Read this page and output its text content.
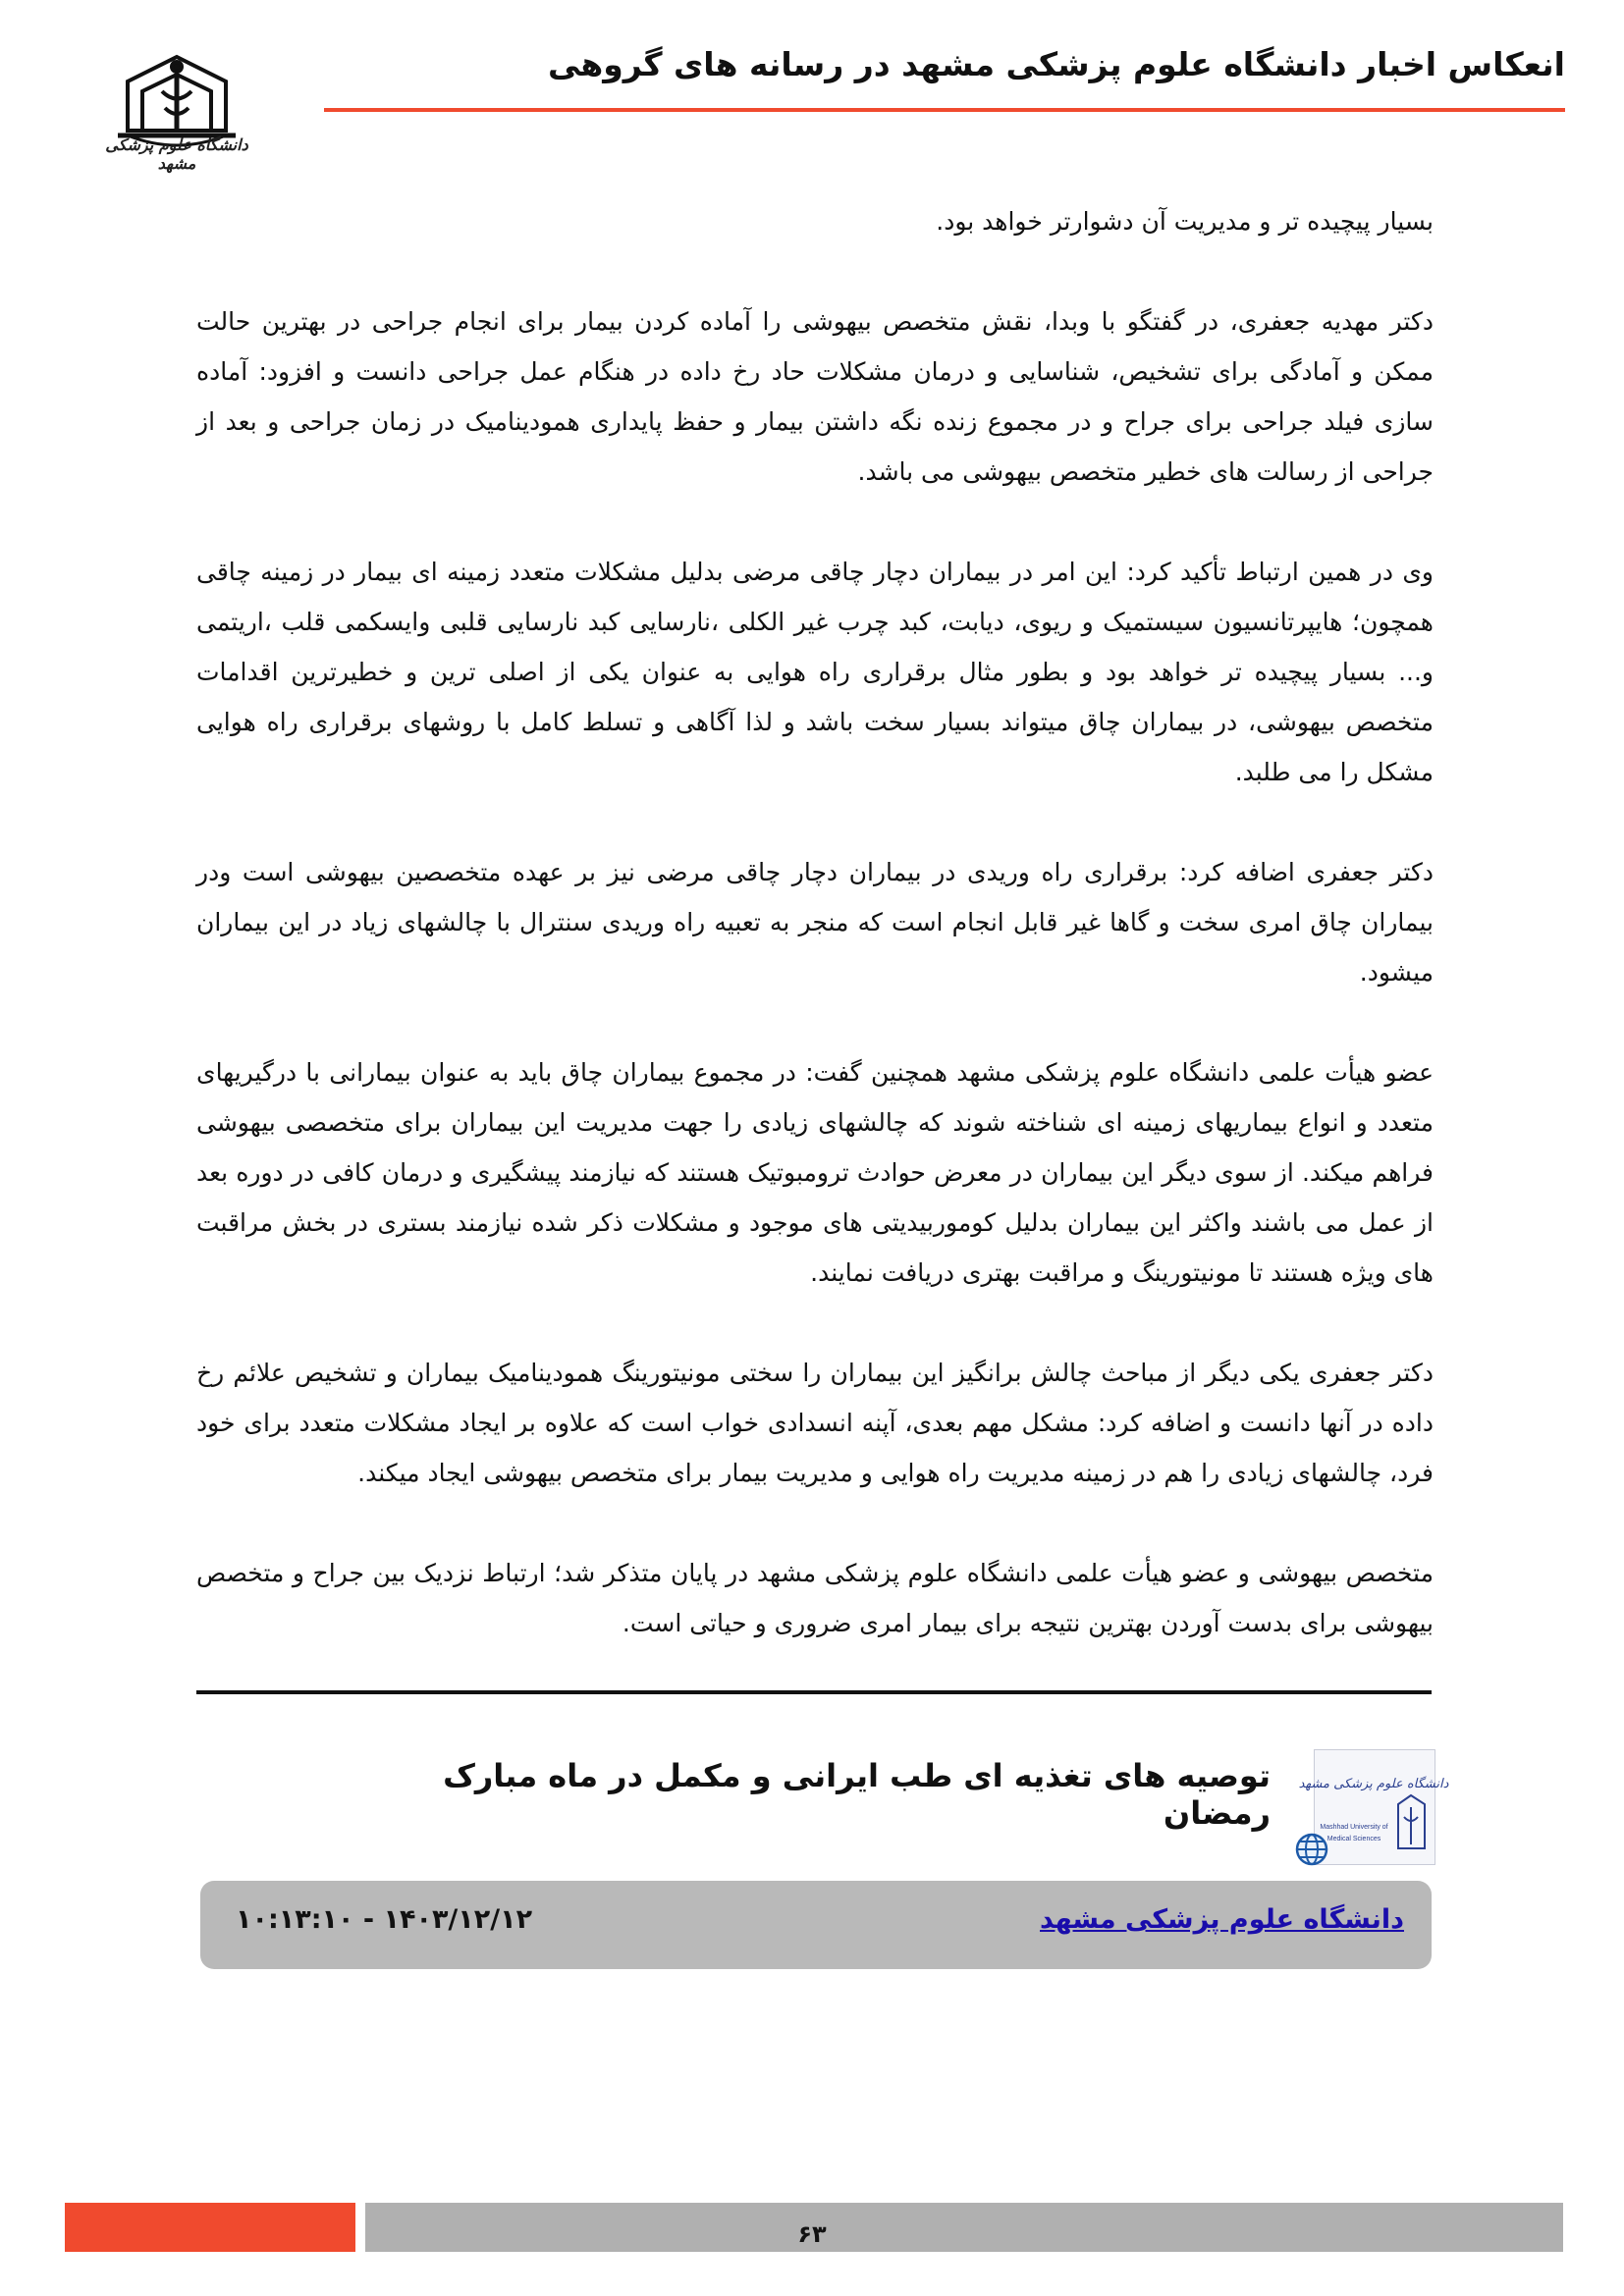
انعکاس اخبار دانشگاه علوم پزشکی مشهد در رسانه های گروهی
دانشگاه علوم پزشکی مشهد

بسیار پیچیده تر و مدیریت آن دشوارتر خواهد بود.

دکتر مهدیه جعفری، در گفتگو با وبدا، نقش متخصص بیهوشی را آماده کردن بیمار برای انجام جراحی در بهترین حالت ممکن و آمادگی برای تشخیص، شناسایی و درمان مشکلات حاد رخ داده در هنگام عمل جراحی دانست و افزود: آماده سازی فیلد جراحی برای جراح و در مجموع زنده نگه داشتن بیمار و حفظ پایداری همودینامیک در زمان جراحی و بعد از جراحی از رسالت های خطیر متخصص بیهوشی می باشد.

وی در همین ارتباط تأکید کرد: این امر در بیماران دچار چاقی مرضی بدلیل مشکلات متعدد زمینه ای بیمار در زمینه چاقی همچون؛ هایپرتانسیون سیستمیک و ریوی، دیابت، کبد چرب غیر الکلی ،نارسایی کبد نارسایی قلبی وایسکمی قلب ،اریتمی و... بسیار پیچیده تر خواهد بود و بطور مثال برقراری راه هوایی به عنوان یکی از اصلی ترین و خطیرترین اقدامات متخصص بیهوشی، در بیماران چاق میتواند بسیار سخت باشد و لذا آگاهی و تسلط کامل با روشهای برقراری راه هوایی مشکل را می طلبد.

دکتر جعفری اضافه کرد: برقراری راه وریدی در بیماران دچار چاقی مرضی نیز بر عهده متخصصین بیهوشی است ودر بیماران چاق امری سخت و گاها غیر قابل انجام است که منجر به تعبیه راه وریدی سنترال با چالشهای زیاد در این بیماران میشود.

عضو هیأت علمی دانشگاه علوم پزشکی مشهد همچنین گفت: در مجموع بیماران چاق باید به عنوان بیمارانی با درگیریهای متعدد و انواع بیماریهای زمینه ای شناخته شوند که چالشهای زیادی را جهت مدیریت این بیماران برای متخصصی بیهوشی فراهم میکند. از سوی دیگر این بیماران در معرض حوادث ترومبوتیک هستند که نیازمند پیشگیری و درمان کافی در دوره بعد از عمل می باشند واکثر این بیماران بدلیل کوموربیدیتی های موجود و مشکلات ذکر شده نیازمند بستری در بخش مراقبت های ویژه هستند تا مونیتورینگ و مراقبت بهتری دریافت نمایند.

دکتر جعفری یکی دیگر از مباحث چالش برانگیز این بیماران را سختی مونیتورینگ همودینامیک بیماران و تشخیص علائم رخ داده در آنها دانست و اضافه کرد: مشکل مهم بعدی، آپنه انسدادی خواب است که علاوه بر ایجاد مشکلات متعدد برای خود فرد، چالشهای زیادی را هم در زمینه مدیریت راه هوایی و مدیریت بیمار برای متخصص بیهوشی ایجاد میکند.

متخصص بیهوشی و عضو هیأت علمی دانشگاه علوم پزشکی مشهد در پایان متذکر شد؛ ارتباط نزدیک بین جراح و متخصص بیهوشی برای بدست آوردن بهترین نتیجه برای بیمار امری ضروری و حیاتی است.

توصیه های تغذیه ای طب ایرانی و مکمل در ماه مبارک رمضان
دانشگاه علوم پزشکی مشهد
Mashhad University of
Medical Sciences
دانشگاه علوم پزشکی مشهد
۱۴۰۳/۱۲/۱۲ - ۱۰:۱۳:۱۰
۶۳
